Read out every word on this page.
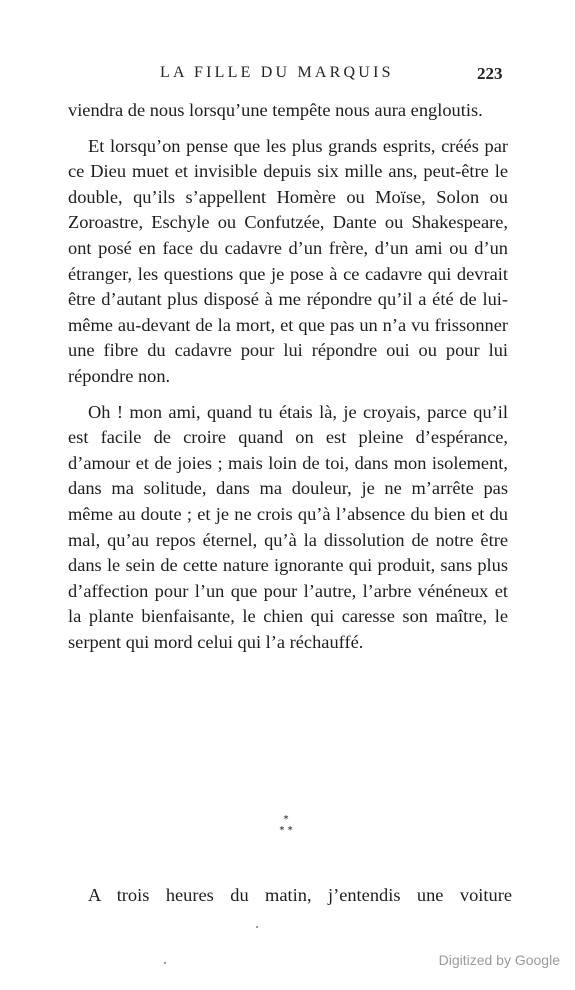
LA FILLE DU MARQUIS	223

viendra de nous lorsqu’une tempête nous aura engloutis.

Et lorsqu’on pense que les plus grands esprits, créés par ce Dieu muet et invisible depuis six mille ans, peut-être le double, qu’ils s’appellent Homère ou Moïse, Solon ou Zoroastre, Eschyle ou Confutzée, Dante ou Shakespeare, ont posé en face du cadavre d’un frère, d’un ami ou d’un étranger, les questions que je pose à ce cadavre qui devrait être d’autant plus disposé à me répondre qu’il a été de lui-même au-devant de la mort, et que pas un n’a vu frissonner une fibre du cadavre pour lui répondre oui ou pour lui répondre non.

Oh ! mon ami, quand tu étais là, je croyais, parce qu’il est facile de croire quand on est pleine d’espérance, d’amour et de joies ; mais loin de toi, dans mon isolement, dans ma solitude, dans ma douleur, je ne m’arrête pas même au doute ; et je ne crois qu’à l’absence du bien et du mal, qu’au repos éternel, qu’à la dissolution de notre être dans le sein de cette nature ignorante qui produit, sans plus d’affection pour l’un que pour l’autre, l’arbre vénéneux et la plante bienfaisante, le chien qui caresse son maître, le serpent qui mord celui qui l’a réchauffé.

*
* *
A trois heures du matin, j’entendis une voiture
Digitized by Google
